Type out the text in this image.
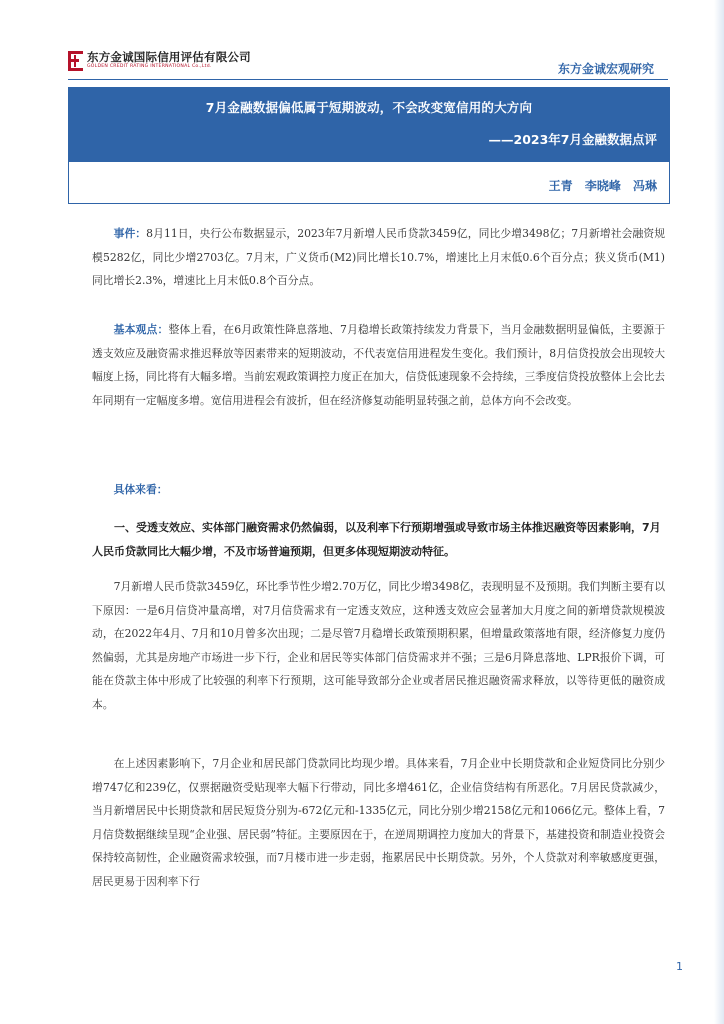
东方金诚国际信用评估有限公司
GOLDEN CREDIT RATING INTERNATIONAL Co.,Ltd.	东方金诚宏观研究
7月金融数据偏低属于短期波动，不会改变宽信用的大方向
——2023年7月金融数据点评
王青 李晓峰 冯琳

事件：8月11日，央行公布数据显示，2023年7月新增人民币贷款3459亿，同比少增3498亿；7月新增社会融资规模5282亿，同比少增2703亿。7月末，广义货币(M2)同比增长10.7%，增速比上月末低0.6个百分点；狭义货币(M1)同比增长2.3%，增速比上月末低0.8个百分点。

基本观点：整体上看，在6月政策性降息落地、7月稳增长政策持续发力背景下，当月金融数据明显偏低，主要源于透支效应及融资需求推迟释放等因素带来的短期波动，不代表宽信用进程发生变化。我们预计，8月信贷投放会出现较大幅度上扬，同比将有大幅多增。当前宏观政策调控力度正在加大，信贷低速现象不会持续，三季度信贷投放整体上会比去年同期有一定幅度多增。宽信用进程会有波折，但在经济修复动能明显转强之前，总体方向不会改变。

具体来看：

一、受透支效应、实体部门融资需求仍然偏弱，以及利率下行预期增强或导致市场主体推迟融资等因素影响，7月人民币贷款同比大幅少增，不及市场普遍预期，但更多体现短期波动特征。

7月新增人民币贷款3459亿，环比季节性少增2.70万亿，同比少增3498亿，表现明显不及预期。我们判断主要有以下原因：一是6月信贷冲量高增，对7月信贷需求有一定透支效应，这种透支效应会显著加大月度之间的新增贷款规模波动，在2022年4月、7月和10月曾多次出现；二是尽管7月稳增长政策预期积累，但增量政策落地有限，经济修复力度仍然偏弱，尤其是房地产市场进一步下行，企业和居民等实体部门信贷需求并不强；三是6月降息落地、LPR报价下调，可能在贷款主体中形成了比较强的利率下行预期，这可能导致部分企业或者居民推迟融资需求释放，以等待更低的融资成本。

在上述因素影响下，7月企业和居民部门贷款同比均现少增。具体来看，7月企业中长期贷款和企业短贷同比分别少增747亿和239亿，仅票据融资受贴现率大幅下行带动，同比多增461亿，企业信贷结构有所恶化。7月居民贷款减少，当月新增居民中长期贷款和居民短贷分别为-672亿元和-1335亿元，同比分别少增2158亿元和1066亿元。整体上看，7月信贷数据继续呈现“企业强、居民弱”特征。主要原因在于，在逆周期调控力度加大的背景下，基建投资和制造业投资会保持较高韧性，企业融资需求较强，而7月楼市进一步走弱，拖累居民中长期贷款。另外，个人贷款对利率敏感度更强，居民更易于因利率下行

1
